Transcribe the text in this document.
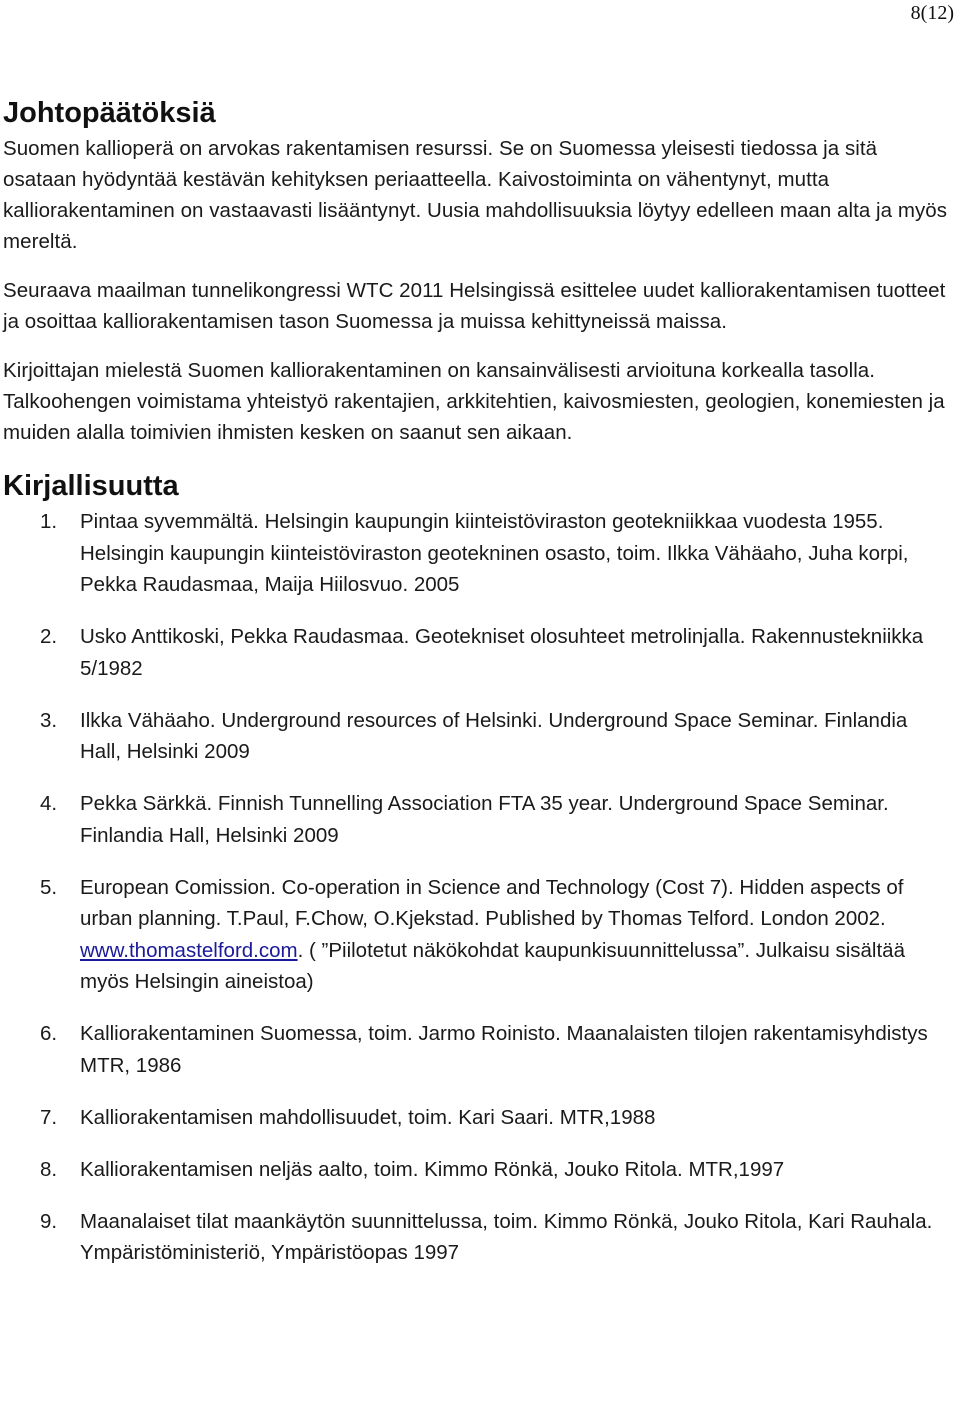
8(12)
Johtopäätöksiä

Suomen kallioperä on arvokas rakentamisen resurssi. Se on Suomessa yleisesti tiedossa ja sitä osataan hyödyntää kestävän kehityksen periaatteella. Kaivostoiminta on vähentynyt, mutta kalliorakentaminen on vastaavasti lisääntynyt. Uusia mahdollisuuksia löytyy edelleen maan alta ja myös mereltä.

Seuraava maailman tunnelikongressi WTC 2011 Helsingissä esittelee uudet kalliorakentamisen tuotteet ja osoittaa kalliorakentamisen tason Suomessa ja muissa kehittyneissä maissa.

Kirjoittajan mielestä Suomen kalliorakentaminen on kansainvälisesti arvioituna korkealla tasolla. Talkoohengen voimistama yhteistyö rakentajien, arkkitehtien, kaivosmiesten, geologien, konemiesten ja muiden alalla toimivien ihmisten kesken on saanut sen aikaan.

Kirjallisuutta
1. Pintaa syvemmältä. Helsingin kaupungin kiinteistöviraston geotekniikkaa vuodesta 1955. Helsingin kaupungin kiinteistöviraston geotekninen osasto, toim. Ilkka Vähäaho, Juha korpi, Pekka Raudasmaa, Maija Hiilosvuo. 2005
2. Usko Anttikoski, Pekka Raudasmaa. Geotekniset olosuhteet metrolinjalla. Rakennustekniikka 5/1982
3. Ilkka Vähäaho. Underground resources of Helsinki. Underground Space Seminar. Finlandia Hall, Helsinki 2009
4. Pekka Särkkä. Finnish Tunnelling Association FTA 35 year. Underground Space Seminar. Finlandia Hall, Helsinki 2009
5. European Comission. Co-operation in Science and Technology (Cost 7). Hidden aspects of urban planning. T.Paul, F.Chow, O.Kjekstad. Published by Thomas Telford. London 2002. www.thomastelford.com. ( ”Piilotetut näkökohdat kaupunkisuunnittelussa”. Julkaisu sisältää myös Helsingin aineistoa)
6. Kalliorakentaminen Suomessa, toim. Jarmo Roinisto. Maanalaisten tilojen rakentamisyhdistys MTR, 1986
7. Kalliorakentamisen mahdollisuudet, toim. Kari Saari. MTR,1988
8. Kalliorakentamisen neljäs aalto, toim. Kimmo Rönkä, Jouko Ritola. MTR,1997
9. Maanalaiset tilat maankäytön suunnittelussa, toim. Kimmo Rönkä, Jouko Ritola, Kari Rauhala. Ympäristöministeriö, Ympäristöopas 1997
